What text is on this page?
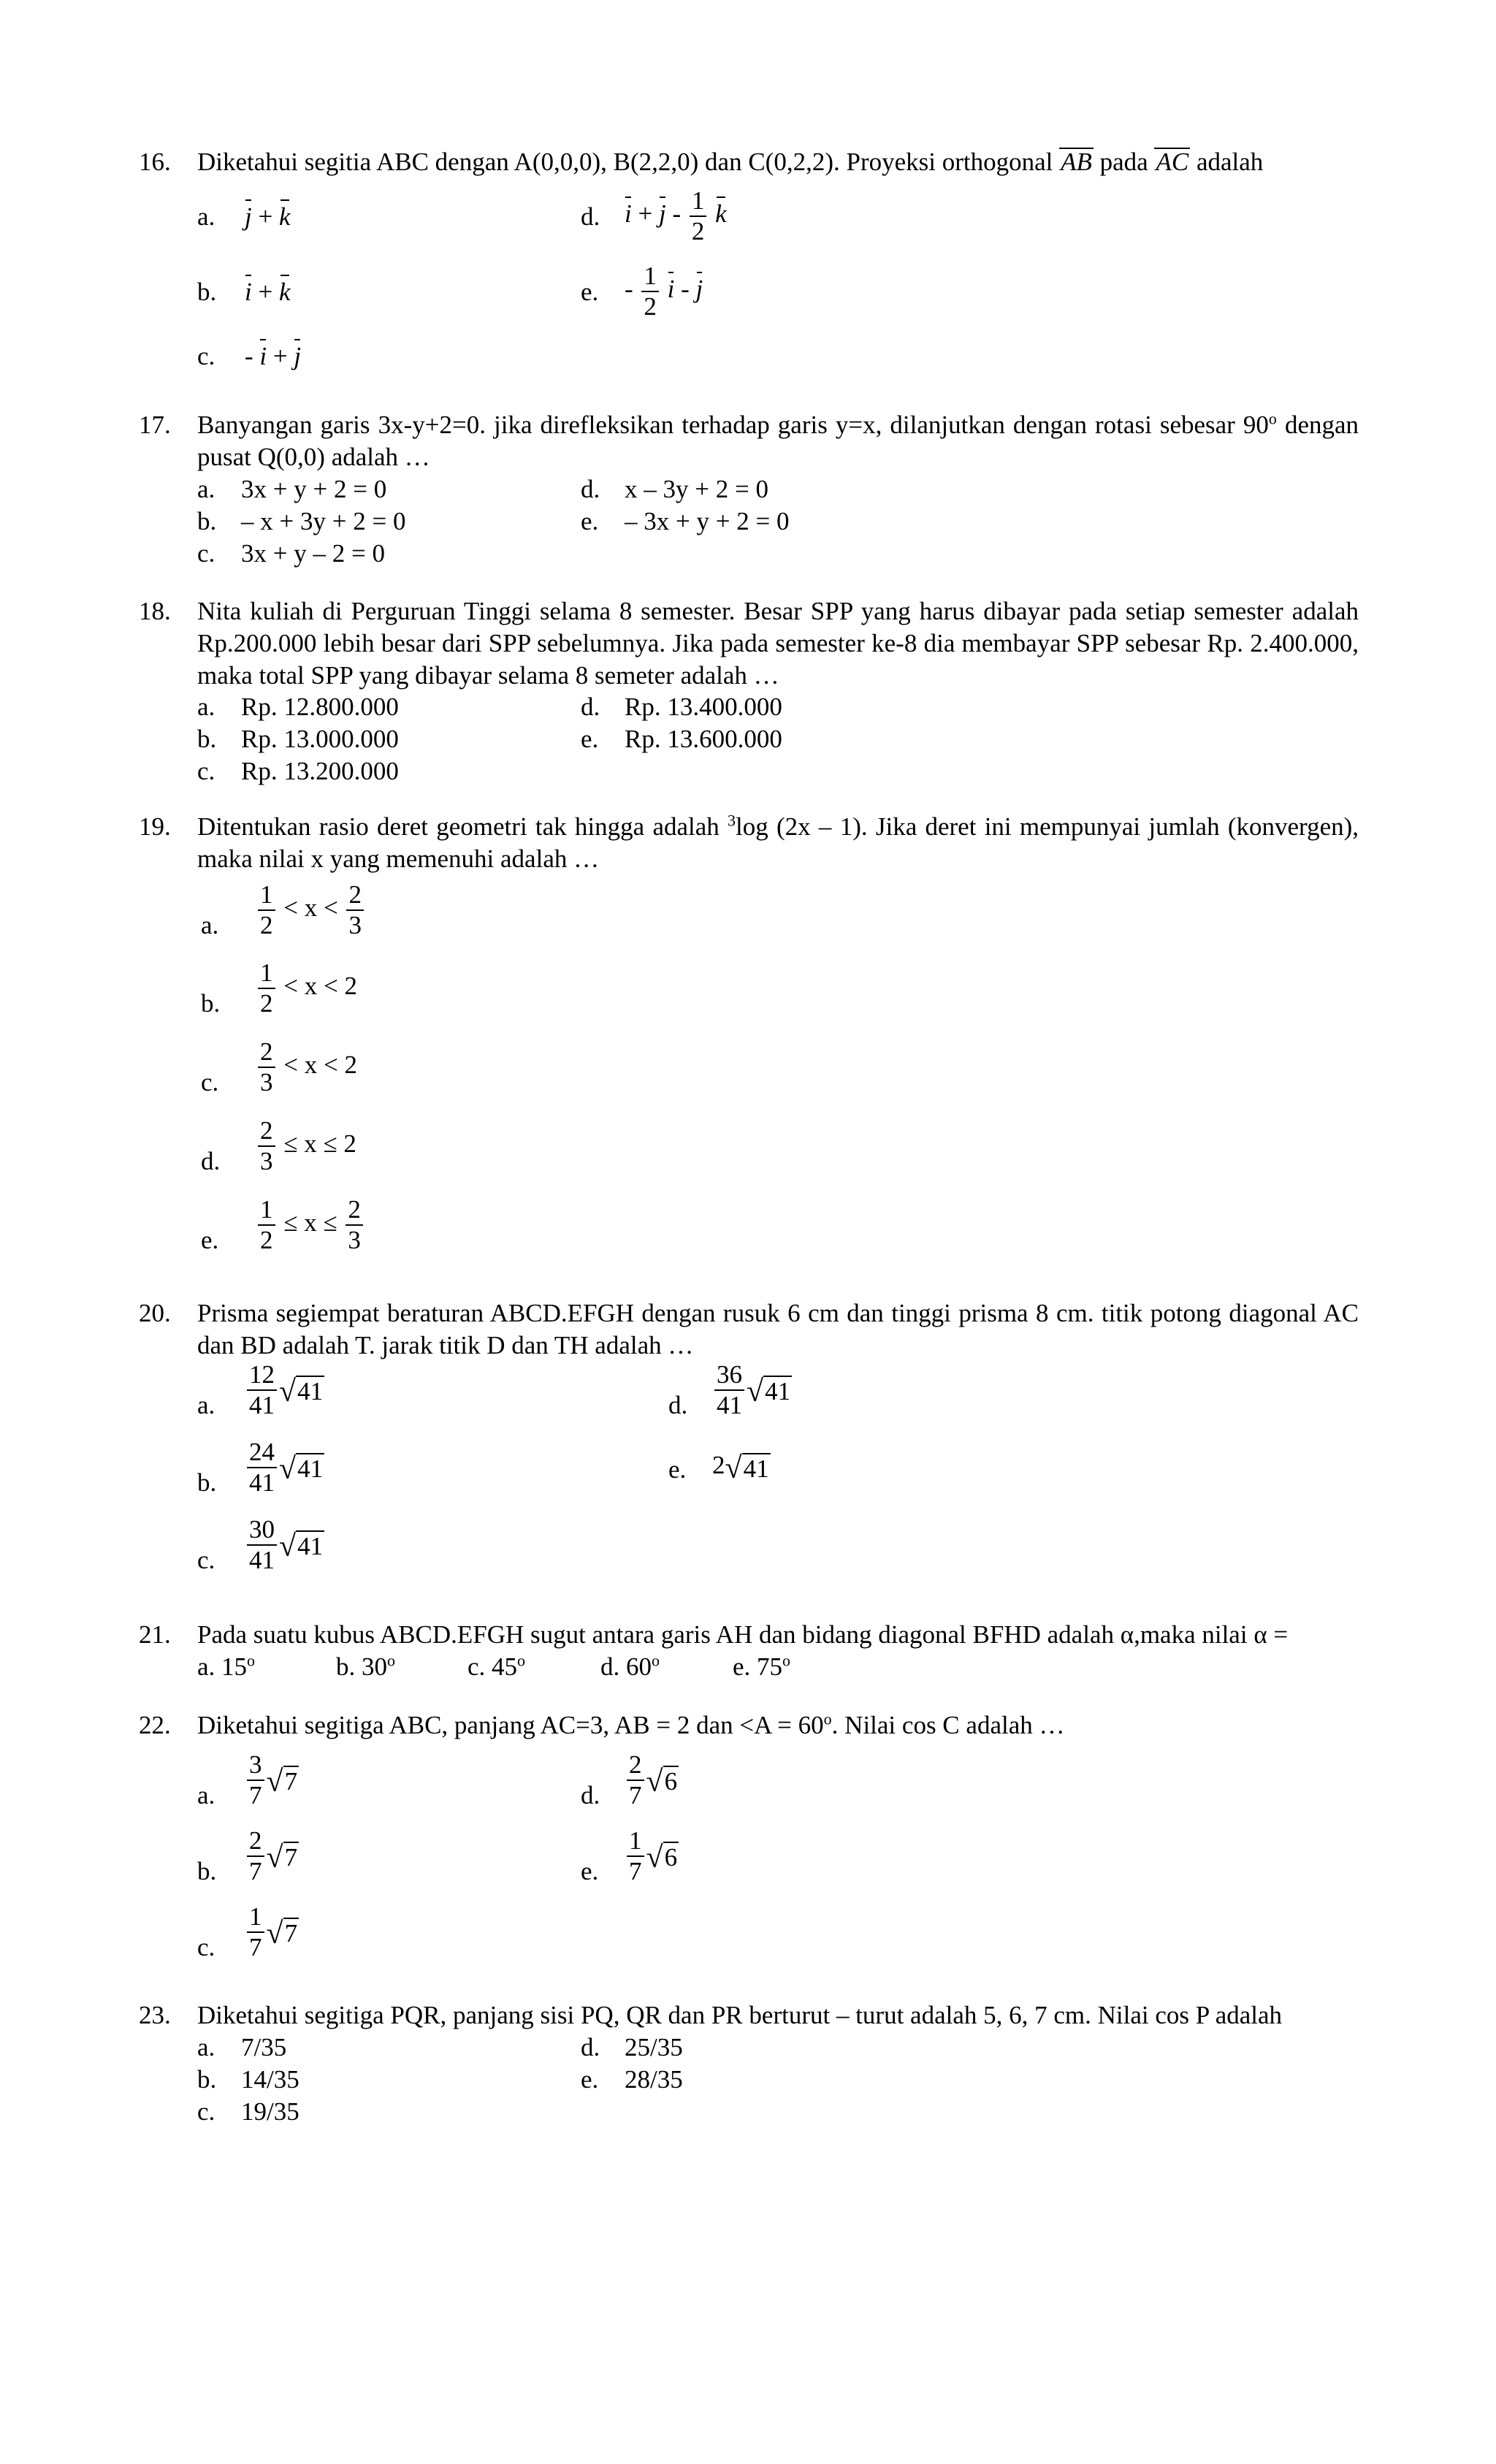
16.	Diketahui segitia ABC dengan A(0,0,0), B(2,2,0) dan C(0,2,2). Proyeksi orthogonal AB pada AC adalah
a.	j + k	d. $i + j - \frac{1}{2}$ k
b.	i + k	e.	- $\frac{1}{2}$ i - j
c.	- i + j
17.	Banyangan garis 3x-y+2=0. jika direfleksikan terhadap garis y=x, dilanjutkan dengan rotasi sebesar 90$^o$ dengan pusat Q(0,0) adalah …
a.	3x + y + 2 = 0
b. – x + 3y + 2 = 0
c.	3x + y – 2 = 0
d. x – 3y + 2 = 0
e.	– 3x + y + 2 = 0
18.	Nita kuliah di Perguruan Tinggi selama 8 semester. Besar SPP yang harus dibayar pada setiap semester adalah Rp.200.000 lebih besar dari SPP sebelumnya. Jika pada semester ke-8 dia membayar SPP sebesar Rp. 2.400.000, maka total SPP yang dibayar selama 8 semeter adalah …
a.	Rp. 12.800.000
b. Rp. 13.000.000
c.	Rp. 13.200.000
d. Rp. 13.400.000
e.	Rp. 13.600.000
19.	Ditentukan rasio deret geometri tak hingga adalah $^3$log (2x – 1). Jika deret ini mempunyai jumlah (konvergen), maka nilai x yang memenuhi adalah …
a.	$\frac{1}{2} < x < \frac{2}{3}$
b.	$\frac{1}{2} < x < 2$
c.	$\frac{2}{3} < x < 2$
d.	$\frac{2}{3} \le x \le 2$
e.	$\frac{1}{2} \le x \le \frac{2}{3}$
20.	Prisma segiempat beraturan ABCD.EFGH dengan rusuk 6 cm dan tinggi prisma 8 cm. titik potong diagonal AC dan BD adalah T. jarak titik D dan TH adalah …
a.	$\frac{12}{41} √41$
b.	$\frac{24}{41} √41$
c.	$\frac{30}{41} √41$
d.	$\frac{36}{41} √41$
e.	2√41
21.	Pada suatu kubus ABCD.EFGH sugut antara garis AH dan bidang diagonal BFHD adalah α,maka nilai α =
a. 15$^o$	b. 30$^o$	c. 45$^o$	d. 60$^o$	e. 75$^o$
22.	Diketahui segitiga ABC, panjang AC=3, AB = 2 dan $<A = 60^o$. Nilai cos C adalah …
a.	$\frac{3}{7} √7$
b.	$\frac{2}{7} √7$
c.	$\frac{1}{7} √7$
d.	$\frac{2}{7} √6$
e.	$\frac{1}{7} √6$
23.	Diketahui segitiga PQR, panjang sisi PQ, QR dan PR berturut – turut adalah 5, 6, 7 cm. Nilai cos P adalah
a.	7/35
b. 14/35
c.	19/35
d. 25/35
e.	28/35
